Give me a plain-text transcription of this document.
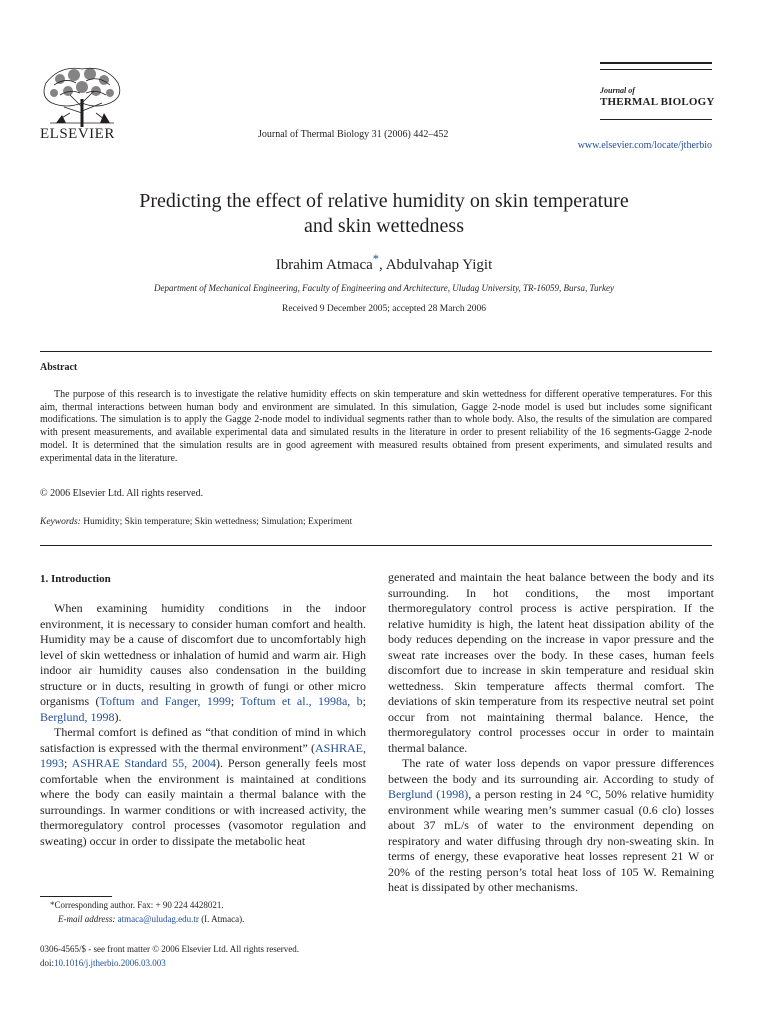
ELSEVIER	Journal of Thermal Biology 31 (2006) 442–452
Journal of
THERMAL BIOLOGY
www.elsevier.com/locate/jtherbio
Predicting the effect of relative humidity on skin temperature
and skin wettedness
Ibrahim Atmaca*, Abdulvahap Yigit
Department of Mechanical Engineering, Faculty of Engineering and Architecture, Uludag University, TR-16059, Bursa, Turkey
Received 9 December 2005; accepted 28 March 2006
Abstract

The purpose of this research is to investigate the relative humidity effects on skin temperature and skin wettedness for different operative temperatures. For this aim, thermal interactions between human body and environment are simulated. In this simulation, Gagge 2-node model is used but includes some significant modifications. The simulation is to apply the Gagge 2-node model to individual segments rather than to whole body. Also, the results of the simulation are compared with present measurements, and available experimental data and simulated results in the literature in order to present reliability of the 16 segments-Gagge 2-node model. It is determined that the simulation results are in good agreement with measured results obtained from present experiments, and simulated results and experimental data in the literature.

© 2006 Elsevier Ltd. All rights reserved.
Keywords: Humidity; Skin temperature; Skin wettedness; Simulation; Experiment
1. Introduction

When examining humidity conditions in the indoor environment, it is necessary to consider human comfort and health. Humidity may be a cause of discomfort due to uncomfortably high level of skin wettedness or inhalation of humid and warm air. High indoor air humidity causes also condensation in the building structure or in ducts, resulting in growth of fungi or other micro organisms (Toftum and Fanger, 1999; Toftum et al., 1998a, b; Berglund, 1998).

Thermal comfort is defined as “that condition of mind in which satisfaction is expressed with the thermal environment” (ASHRAE, 1993; ASHRAE Standard 55, 2004). Person generally feels most comfortable when the environment is maintained at conditions where the body can easily maintain a thermal balance with the surroundings. In warmer conditions or with increased activity, the thermoregulatory control processes (vasomotor regulation and sweating) occur in order to dissipate the metabolic heat

generated and maintain the heat balance between the body and its surrounding. In hot conditions, the most important thermoregulatory control process is active perspiration. If the relative humidity is high, the latent heat dissipation ability of the body reduces depending on the increase in vapor pressure and the sweat rate increases over the body. In these cases, human feels discomfort due to increase in skin temperature and residual skin wettedness. Skin temperature affects thermal comfort. The deviations of skin temperature from its respective neutral set point occur from not maintaining thermal balance. Hence, the thermoregulatory control processes occur in order to maintain thermal balance.

The rate of water loss depends on vapor pressure differences between the body and its surrounding air. According to study of Berglund (1998), a person resting in 24 °C, 50% relative humidity environment while wearing men’s summer casual (0.6 clo) losses about 37 mL/s of water to the environment depending on respiratory and water diffusing through dry non-sweating skin. In terms of energy, these evaporative heat losses represent 21 W or 20% of the resting person’s total heat loss of 105 W. Remaining heat is dissipated by other mechanisms.

*Corresponding author. Fax: + 90 224 4428021.
E-mail address: atmaca@uludag.edu.tr (I. Atmaca).
0306-4565/$ - see front matter © 2006 Elsevier Ltd. All rights reserved.
doi:10.1016/j.jtherbio.2006.03.003
